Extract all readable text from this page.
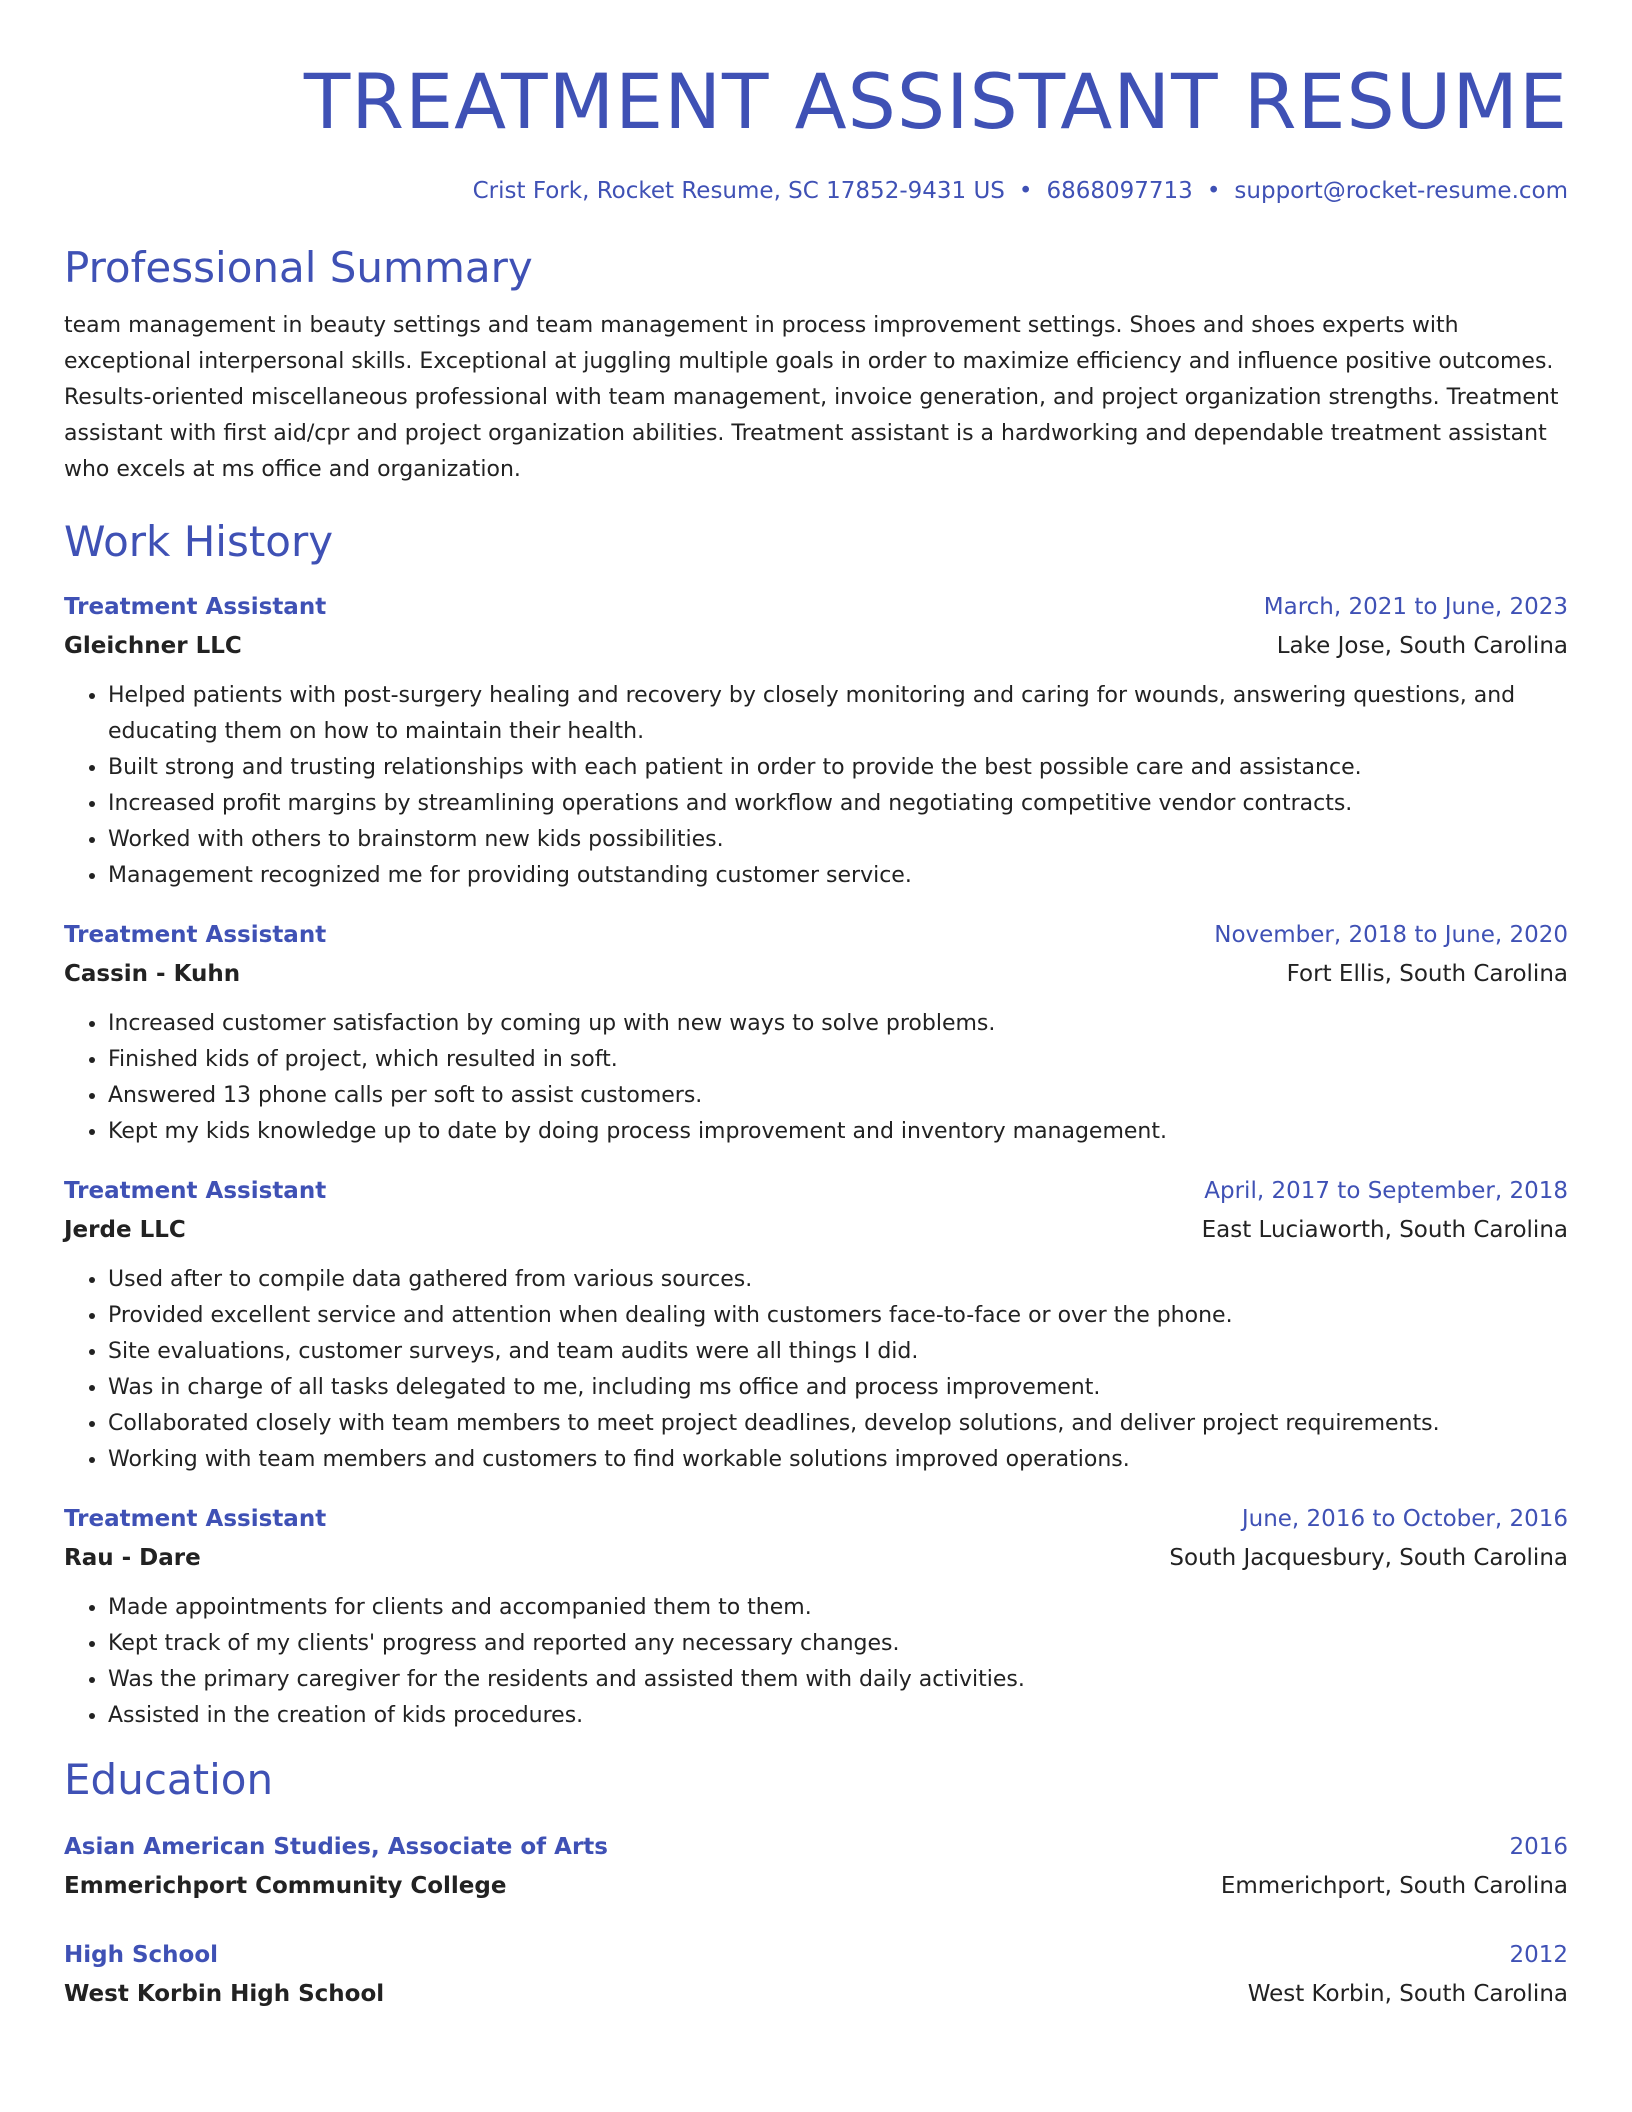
TREATMENT ASSISTANT RESUME
Crist Fork, Rocket Resume, SC 17852-9431 US • 6868097713 • support@rocket-resume.com
Professional Summary
team management in beauty settings and team management in process improvement settings. Shoes and shoes experts with exceptional interpersonal skills. Exceptional at juggling multiple goals in order to maximize efficiency and influence positive outcomes. Results-oriented miscellaneous professional with team management, invoice generation, and project organization strengths. Treatment assistant with first aid/cpr and project organization abilities. Treatment assistant is a hardworking and dependable treatment assistant who excels at ms office and organization.
Work History
Treatment Assistant	March, 2021 to June, 2023
Gleichner LLC	Lake Jose, South Carolina
• Helped patients with post-surgery healing and recovery by closely monitoring and caring for wounds, answering questions, and educating them on how to maintain their health.
• Built strong and trusting relationships with each patient in order to provide the best possible care and assistance.
• Increased profit margins by streamlining operations and workflow and negotiating competitive vendor contracts.
• Worked with others to brainstorm new kids possibilities.
• Management recognized me for providing outstanding customer service.
Treatment Assistant	November, 2018 to June, 2020
Cassin - Kuhn	Fort Ellis, South Carolina
• Increased customer satisfaction by coming up with new ways to solve problems.
• Finished kids of project, which resulted in soft.
• Answered 13 phone calls per soft to assist customers.
• Kept my kids knowledge up to date by doing process improvement and inventory management.
Treatment Assistant	April, 2017 to September, 2018
Jerde LLC	East Luciaworth, South Carolina
• Used after to compile data gathered from various sources.
• Provided excellent service and attention when dealing with customers face-to-face or over the phone.
• Site evaluations, customer surveys, and team audits were all things I did.
• Was in charge of all tasks delegated to me, including ms office and process improvement.
• Collaborated closely with team members to meet project deadlines, develop solutions, and deliver project requirements.
• Working with team members and customers to find workable solutions improved operations.
Treatment Assistant	June, 2016 to October, 2016
Rau - Dare	South Jacquesbury, South Carolina
• Made appointments for clients and accompanied them to them.
• Kept track of my clients' progress and reported any necessary changes.
• Was the primary caregiver for the residents and assisted them with daily activities.
• Assisted in the creation of kids procedures.
Education
Asian American Studies, Associate of Arts	2016
Emmerichport Community College	Emmerichport, South Carolina
High School	2012
West Korbin High School	West Korbin, South Carolina
